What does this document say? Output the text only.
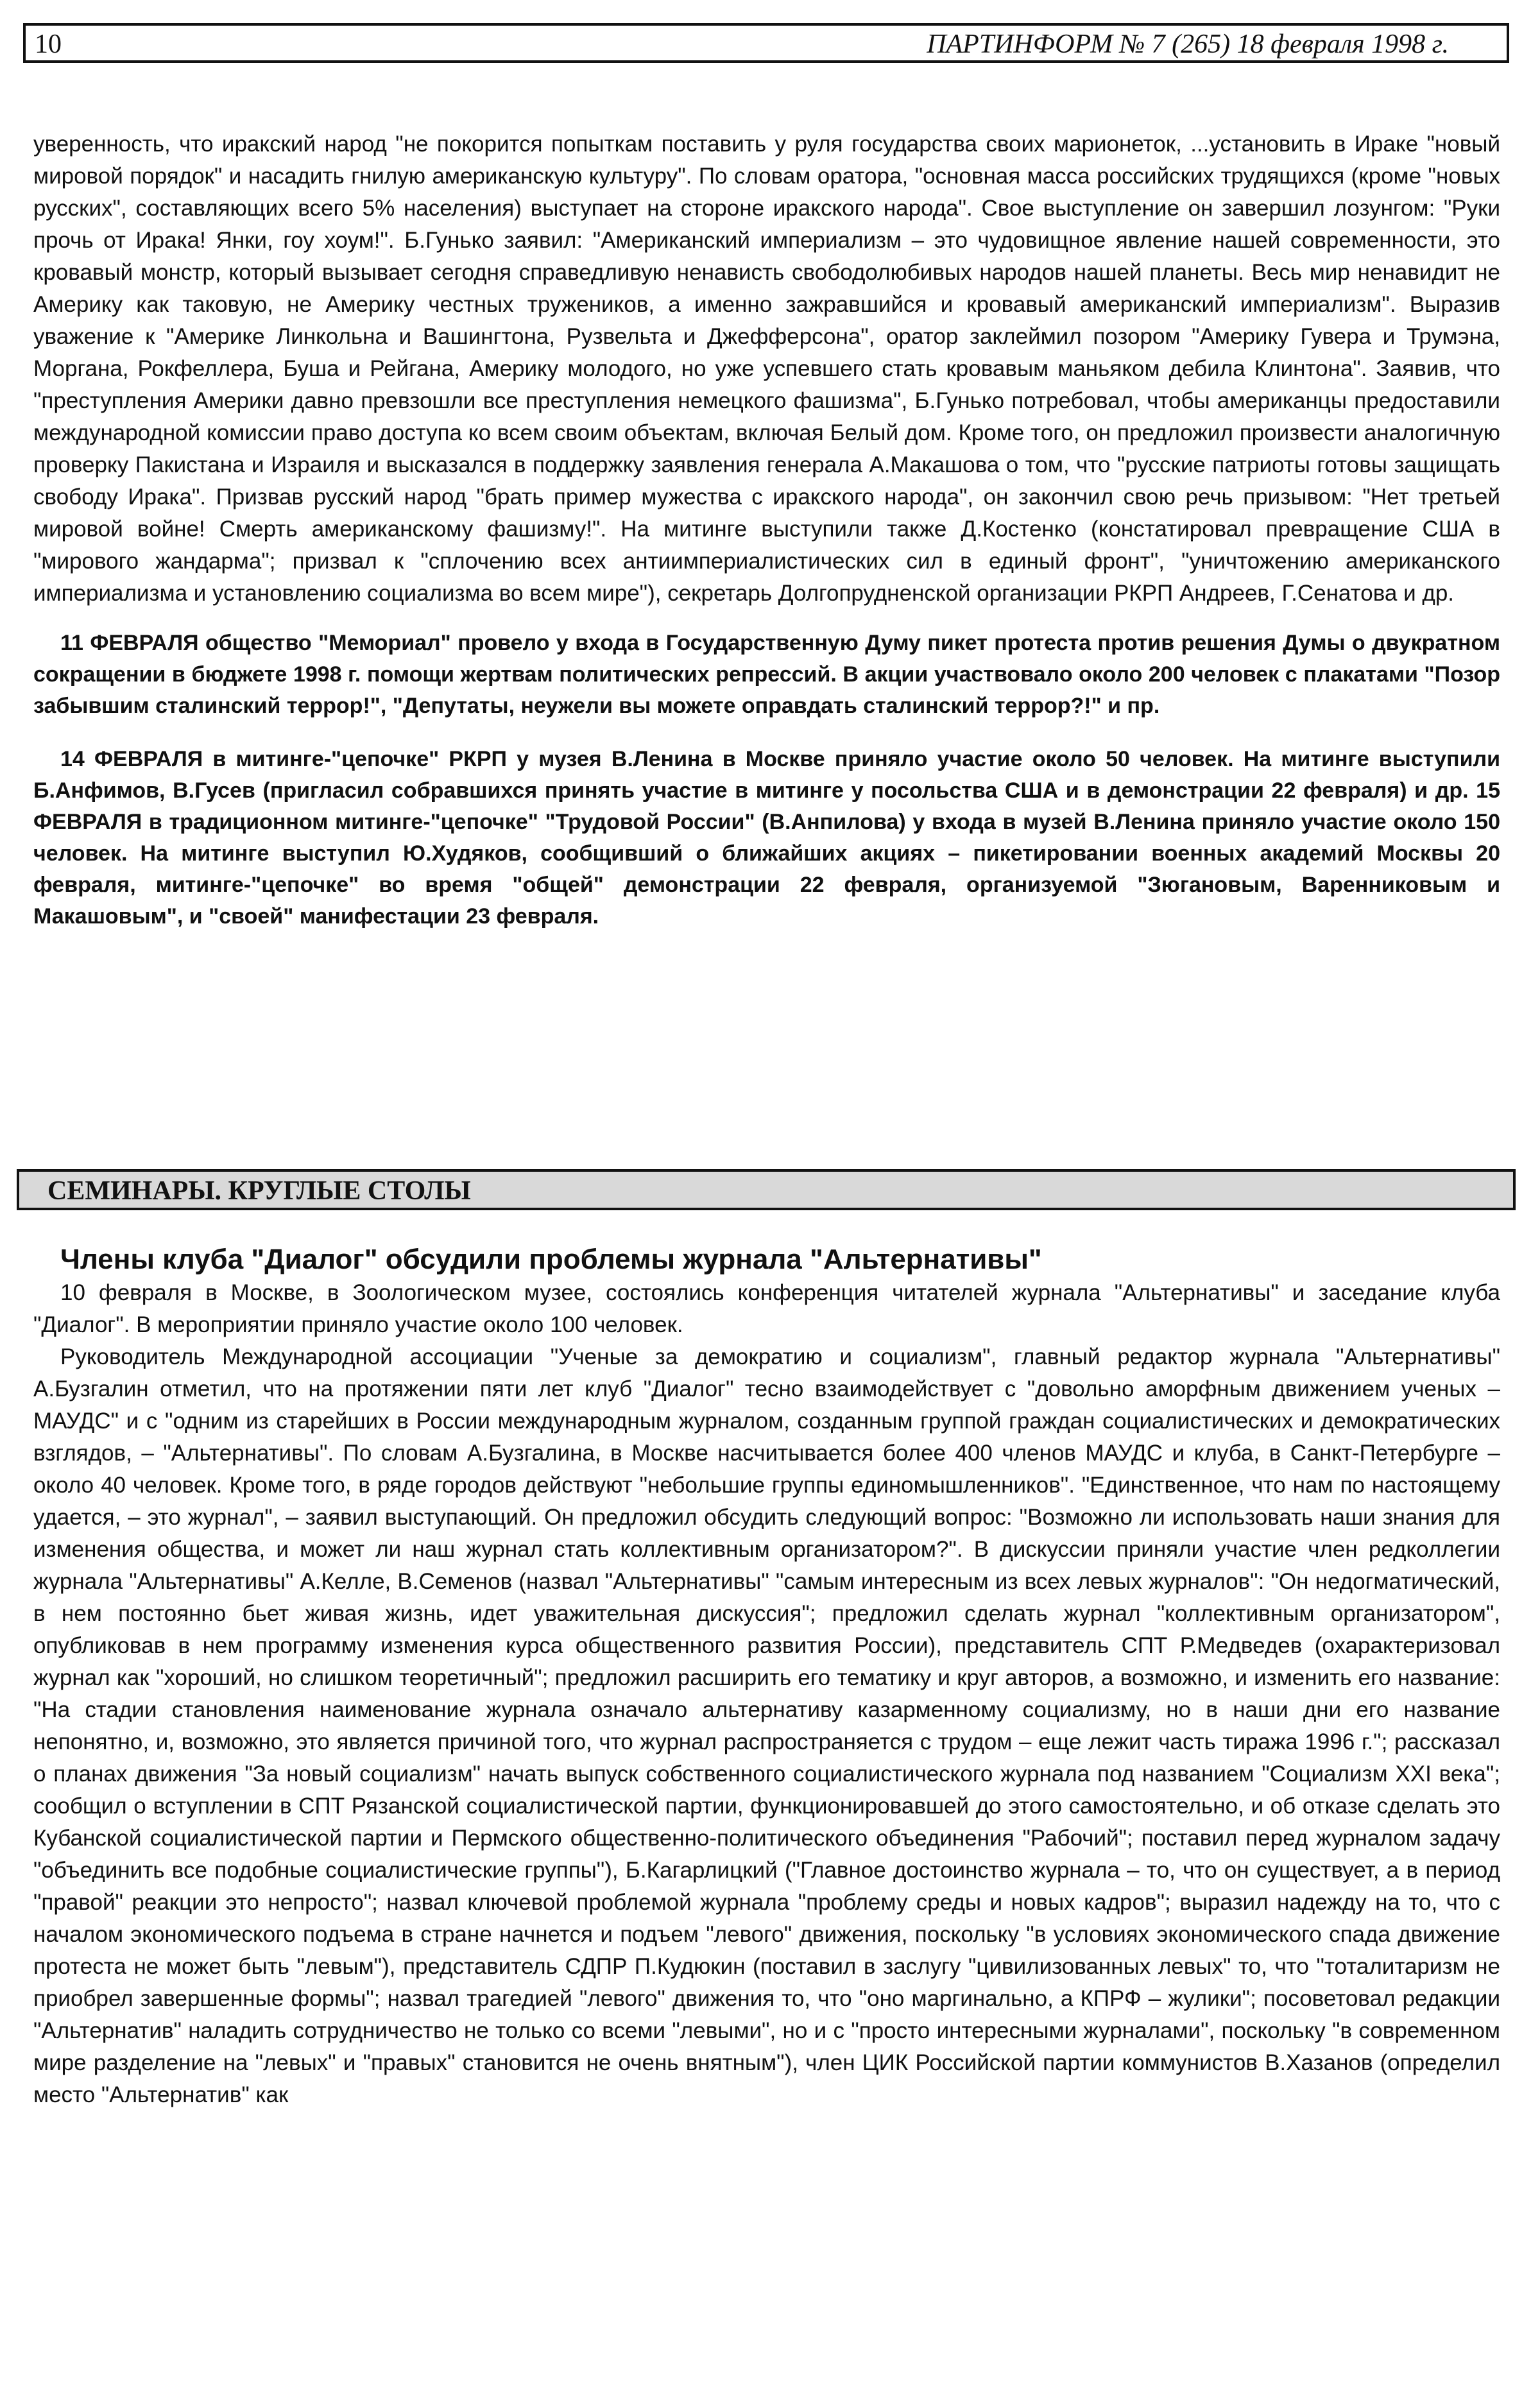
10	ПАРТИНФОРМ № 7 (265) 18 февраля 1998 г.

уверенность, что иракский народ "не покорится попыткам поставить у руля государства своих марионеток, ...установить в Ираке "новый мировой порядок" и насадить гнилую американскую культуру". По словам оратора, "основная масса российских трудящихся (кроме "новых русских", составляющих всего 5% населения) выступает на стороне иракского народа". Свое выступление он завершил лозунгом: "Руки прочь от Ирака! Янки, гоу хоум!". Б.Гунько заявил: "Американский империализм – это чудовищное явление нашей современности, это кровавый монстр, который вызывает сегодня справедливую ненависть свободолюбивых народов нашей планеты. Весь мир ненавидит не Америку как таковую, не Америку честных тружеников, а именно зажравшийся и кровавый американский империализм". Выразив уважение к "Америке Линкольна и Вашингтона, Рузвельта и Джефферсона", оратор заклеймил позором "Америку Гувера и Трумэна, Моргана, Рокфеллера, Буша и Рейгана, Америку молодого, но уже успевшего стать кровавым маньяком дебила Клинтона". Заявив, что "преступления Америки давно превзошли все преступления немецкого фашизма", Б.Гунько потребовал, чтобы американцы предоставили международной комиссии право доступа ко всем своим объектам, включая Белый дом. Кроме того, он предложил произвести аналогичную проверку Пакистана и Израиля и высказался в поддержку заявления генерала А.Макашова о том, что "русские патриоты готовы защищать свободу Ирака". Призвав русский народ "брать пример мужества с иракского народа", он закончил свою речь призывом: "Нет третьей мировой войне! Смерть американскому фашизму!". На митинге выступили также Д.Костенко (констатировал превращение США в "мирового жандарма"; призвал к "сплочению всех антиимпериалистических сил в единый фронт", "уничтожению американского империализма и установлению социализма во всем мире"), секретарь Долгопрудненской организации РКРП Андреев, Г.Сенатова и др.

11 ФЕВРАЛЯ общество "Мемориал" провело у входа в Государственную Думу пикет протеста против решения Думы о двукратном сокращении в бюджете 1998 г. помощи жертвам политических репрессий. В акции участвовало около 200 человек с плакатами "Позор забывшим сталинский террор!", "Депутаты, неужели вы можете оправдать сталинский террор?!" и пр.

14 ФЕВРАЛЯ в митинге-"цепочке" РКРП у музея В.Ленина в Москве приняло участие около 50 человек. На митинге выступили Б.Анфимов, В.Гусев (пригласил собравшихся принять участие в митинге у посольства США и в демонстрации 22 февраля) и др. 15 ФЕВРАЛЯ в традиционном митинге-"цепочке" "Трудовой России" (В.Анпилова) у входа в музей В.Ленина приняло участие около 150 человек. На митинге выступил Ю.Худяков, сообщивший о ближайших акциях – пикетировании военных академий Москвы 20 февраля, митинге-"цепочке" во время "общей" демонстрации 22 февраля, организуемой "Зюгановым, Варенниковым и Макашовым", и "своей" манифестации 23 февраля.

СЕМИНАРЫ. КРУГЛЫЕ СТОЛЫ
Члены клуба "Диалог" обсудили проблемы журнала "Альтернативы"

10 февраля в Москве, в Зоологическом музее, состоялись конференция читателей журнала "Альтернативы" и заседание клуба "Диалог". В мероприятии приняло участие около 100 человек.

Руководитель Международной ассоциации "Ученые за демократию и социализм", главный редактор журнала "Альтернативы" А.Бузгалин отметил, что на протяжении пяти лет клуб "Диалог" тесно взаимодействует с "довольно аморфным движением ученых – МАУДС" и с "одним из старейших в России международным журналом, созданным группой граждан социалистических и демократических взглядов, – "Альтернативы". По словам А.Бузгалина, в Москве насчитывается более 400 членов МАУДС и клуба, в Санкт-Петербурге – около 40 человек. Кроме того, в ряде городов действуют "небольшие группы единомышленников". "Единственное, что нам по настоящему удается, – это журнал", – заявил выступающий. Он предложил обсудить следующий вопрос: "Возможно ли использовать наши знания для изменения общества, и может ли наш журнал стать коллективным организатором?". В дискуссии приняли участие член редколлегии журнала "Альтернативы" А.Келле, В.Семенов (назвал "Альтернативы" "самым интересным из всех левых журналов": "Он недогматический, в нем постоянно бьет живая жизнь, идет уважительная дискуссия"; предложил сделать журнал "коллективным организатором", опубликовав в нем программу изменения курса общественного развития России), представитель СПТ Р.Медведев (охарактеризовал журнал как "хороший, но слишком теоретичный"; предложил расширить его тематику и круг авторов, а возможно, и изменить его название: "На стадии становления наименование журнала означало альтернативу казарменному социализму, но в наши дни его название непонятно, и, возможно, это является причиной того, что журнал распространяется с трудом – еще лежит часть тиража 1996 г."; рассказал о планах движения "За новый социализм" начать выпуск собственного социалистического журнала под названием "Социализм XXI века"; сообщил о вступлении в СПТ Рязанской социалистической партии, функционировавшей до этого самостоятельно, и об отказе сделать это Кубанской социалистической партии и Пермского общественно-политического объединения "Рабочий"; поставил перед журналом задачу "объединить все подобные социалистические группы"), Б.Кагарлицкий ("Главное достоинство журнала – то, что он существует, а в период "правой" реакции это непросто"; назвал ключевой проблемой журнала "проблему среды и новых кадров"; выразил надежду на то, что с началом экономического подъема в стране начнется и подъем "левого" движения, поскольку "в условиях экономического спада движение протеста не может быть "левым"), представитель СДПР П.Кудюкин (поставил в заслугу "цивилизованных левых" то, что "тоталитаризм не приобрел завершенные формы"; назвал трагедией "левого" движения то, что "оно маргинально, а КПРФ – жулики"; посоветовал редакции "Альтернатив" наладить сотрудничество не только со всеми "левыми", но и с "просто интересными журналами", поскольку "в современном мире разделение на "левых" и "правых" становится не очень внятным"), член ЦИК Российской партии коммунистов В.Хазанов (определил место "Альтернатив" как
